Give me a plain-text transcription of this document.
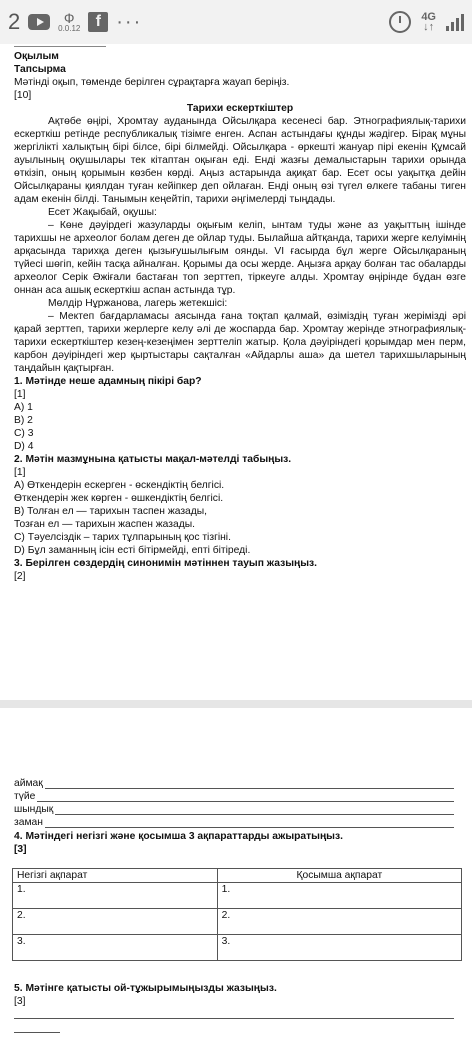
2	Ф
0.0.12 f ···	4G
↓↑

Оқылым

Тапсырма

Мәтінді оқып, төменде берілген сұрақтарға жауап беріңіз.

[10]

Тарихи ескерткіштер

Ақтөбе өңірі, Хромтау ауданында Ойсылқара кесенесі бар. Этнографиялық-тарихи ескерткіш ретінде республикалық тізімге енген. Аспан астындағы құнды жәдігер. Бірақ мұны жергілікті халықтың бірі білсе, бірі білмейді. Ойсылқара - өркешті жануар пірі екенін Құмсай ауылының оқушылары тек кітаптан оқыған еді. Енді жазғы демалыстарын тарихи орында өткізіп, оның қорымын көзбен көрді. Аңыз астарында ақиқат бар. Есет осы уақытқа дейін Ойсылқараны қиялдан туған кейіпкер деп ойлаған. Енді оның өзі түгел өлкеге табаны тиген адам екенін білді. Танымын кеңейтіп, тарихи әңгімелерді тыңдады.

Есет Жақыбай, оқушы:

– Көне дәуірдегі жазуларды оқығым келіп, ынтам туды және аз уақыттың ішінде тарихшы не археолог болам деген де ойлар туды. Былайша айтқанда, тарихи жерге келуімнің арқасында тарихқа деген қызығушылығым оянды. VI ғасырда бұл жерге Ойсылқараның түйесі шөгіп, кейін тасқа айналған. Қорымы да осы жерде. Аңызға арқау болған тас обаларды археолог Серік Әжіғали бастаған топ зерттеп, тіркеуге алды. Хромтау өңірінде бұдан өзге оннан аса ашық ескерткіш аспан астында тұр.

Мөлдір Нұржанова, лагерь жетекшісі:

– Мектеп бағдарламасы аясында ғана тоқтап қалмай, өзіміздің туған жерімізді әрі қарай зерттеп, тарихи жерлерге келу әлі де жоспарда бар. Хромтау жерінде этнографиялық-тарихи ескерткіштер кезең-кезеңімен зерттеліп жатыр. Қола дәуіріндегі қорымдар мен перм, карбон дәуіріндегі жер қыртыстары сақталған «Айдарлы аша» да шетел тарихшыларының таңдайын қақтырған.

1. Мәтінде неше адамның пікірі бар?

[1]

A) 1

B) 2

C) 3

D) 4

2. Мәтін мазмұнына қатысты мақал-мәтелді табыңыз.

[1]

A) Өткендерін ескерген - өскендіктің белгісі.

Өткендерін жек көрген - өшкендіктің белгісі.

B) Толған ел — тарихын таспен жазады,

Тозған ел — тарихын жаспен жазады.

C) Тәуелсіздік – тарих тұлпарының қос тізгіні.

D) Бұл заманның ісін есті бітірмейді, епті бітіреді.

3. Берілген сөздердің синонимін мәтіннен тауып жазыңыз.

[2]

аймақ
түйе
шындық
заман

4. Мәтіндегі негізгі және қосымша 3 ақпараттарды ажыратыңыз.

[3]

Негізгі ақпарат	Қосымша ақпарат
1.	1.
2.	2.
3.	3.

5. Мәтінге қатысты ой-тұжырымыңызды жазыңыз.

[3]
